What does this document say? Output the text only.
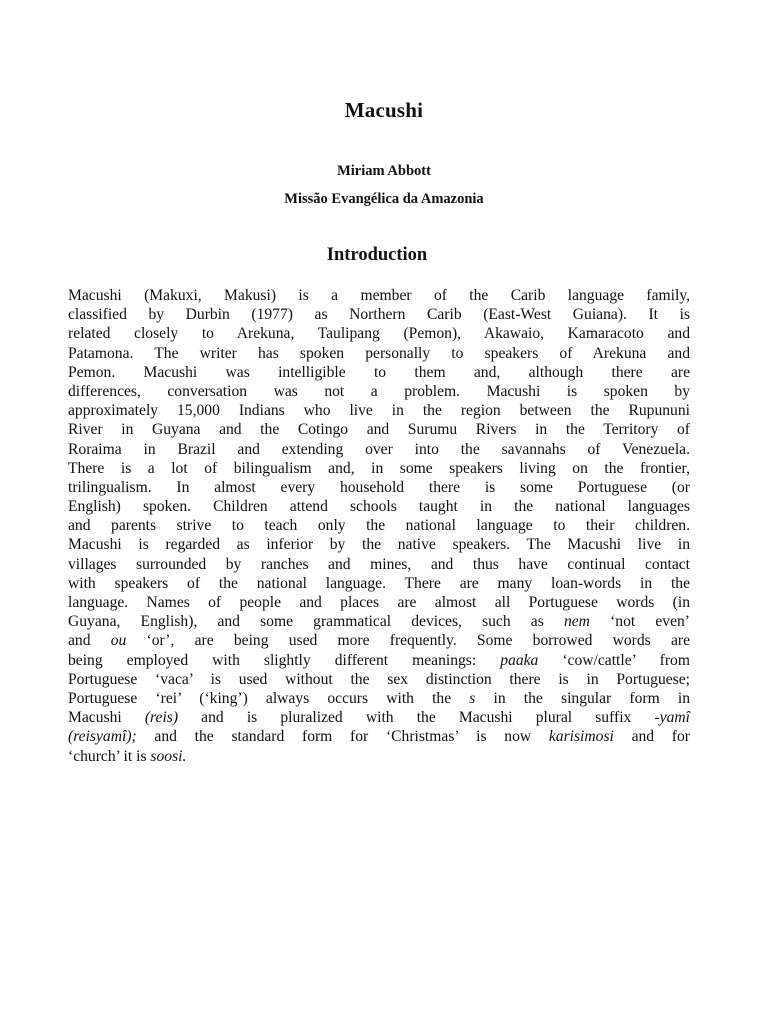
Macushi
Miriam Abbott
Missão Evangélica da Amazonia
Introduction
Macushi (Makuxi, Makusi) is a member of the Carib language family,
classified by Durbin (1977) as Northern Carib (East-West Guiana). It is
related closely to Arekuna, Taulipang (Pemon), Akawaio, Kamaracoto and
Patamona. The writer has spoken personally to speakers of Arekuna and
Pemon. Macushi was intelligible to them and, although there are
differences, conversation was not a problem. Macushi is spoken by
approximately 15,000 Indians who live in the region between the Rupununi
River in Guyana and the Cotingo and Surumu Rivers in the Territory of
Roraima in Brazil and extending over into the savannahs of Venezuela.
There is a lot of bilingualism and, in some speakers living on the frontier,
trilingualism. In almost every household there is some Portuguese (or
English) spoken. Children attend schools taught in the national languages
and parents strive to teach only the national language to their children.
Macushi is regarded as inferior by the native speakers. The Macushi live in
villages surrounded by ranches and mines, and thus have continual contact
with speakers of the national language. There are many loan-words in the
language. Names of people and places are almost all Portuguese words (in
Guyana, English), and some grammatical devices, such as nem ‘not even’
and ou ‘or’, are being used more frequently. Some borrowed words are
being employed with slightly different meanings: paaka ‘cow/cattle’ from
Portuguese ‘vaca’ is used without the sex distinction there is in Portuguese;
Portuguese ‘rei’ (‘king’) always occurs with the s in the singular form in
Macushi (reis) and is pluralized with the Macushi plural suffix -yamî
(reisyamî); and the standard form for ‘Christmas’ is now karisimosi and for
‘church’ it is soosi.
